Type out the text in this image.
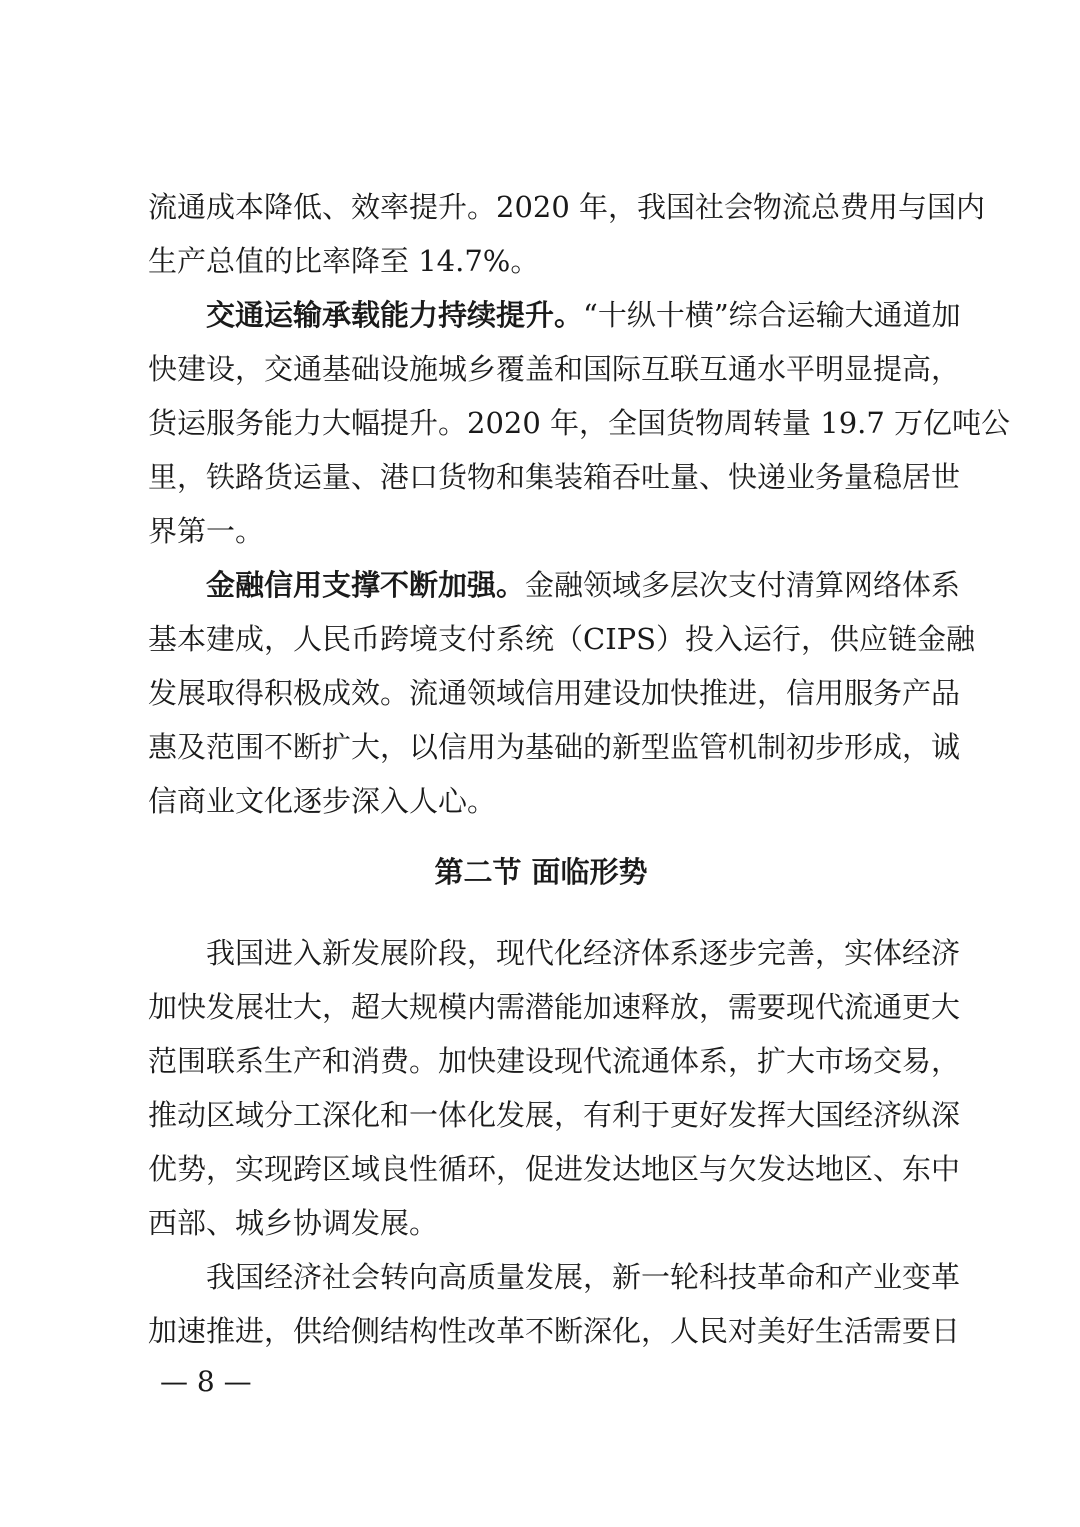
流通成本降低、效率提升。2020 年，我国社会物流总费用与国内
生产总值的比率降至 14.7%。
交通运输承载能力持续提升。“十纵十横”综合运输大通道加
快建设，交通基础设施城乡覆盖和国际互联互通水平明显提高，
货运服务能力大幅提升。2020 年，全国货物周转量 19.7 万亿吨公
里，铁路货运量、港口货物和集装箱吞吐量、快递业务量稳居世
界第一。
金融信用支撑不断加强。金融领域多层次支付清算网络体系
基本建成，人民币跨境支付系统（CIPS）投入运行，供应链金融
发展取得积极成效。流通领域信用建设加快推进，信用服务产品
惠及范围不断扩大，以信用为基础的新型监管机制初步形成，诚
信商业文化逐步深入人心。
第二节 面临形势
我国进入新发展阶段，现代化经济体系逐步完善，实体经济
加快发展壮大，超大规模内需潜能加速释放，需要现代流通更大
范围联系生产和消费。加快建设现代流通体系，扩大市场交易，
推动区域分工深化和一体化发展，有利于更好发挥大国经济纵深
优势，实现跨区域良性循环，促进发达地区与欠发达地区、东中
西部、城乡协调发展。
我国经济社会转向高质量发展，新一轮科技革命和产业变革
加速推进，供给侧结构性改革不断深化，人民对美好生活需要日
— 8 —
